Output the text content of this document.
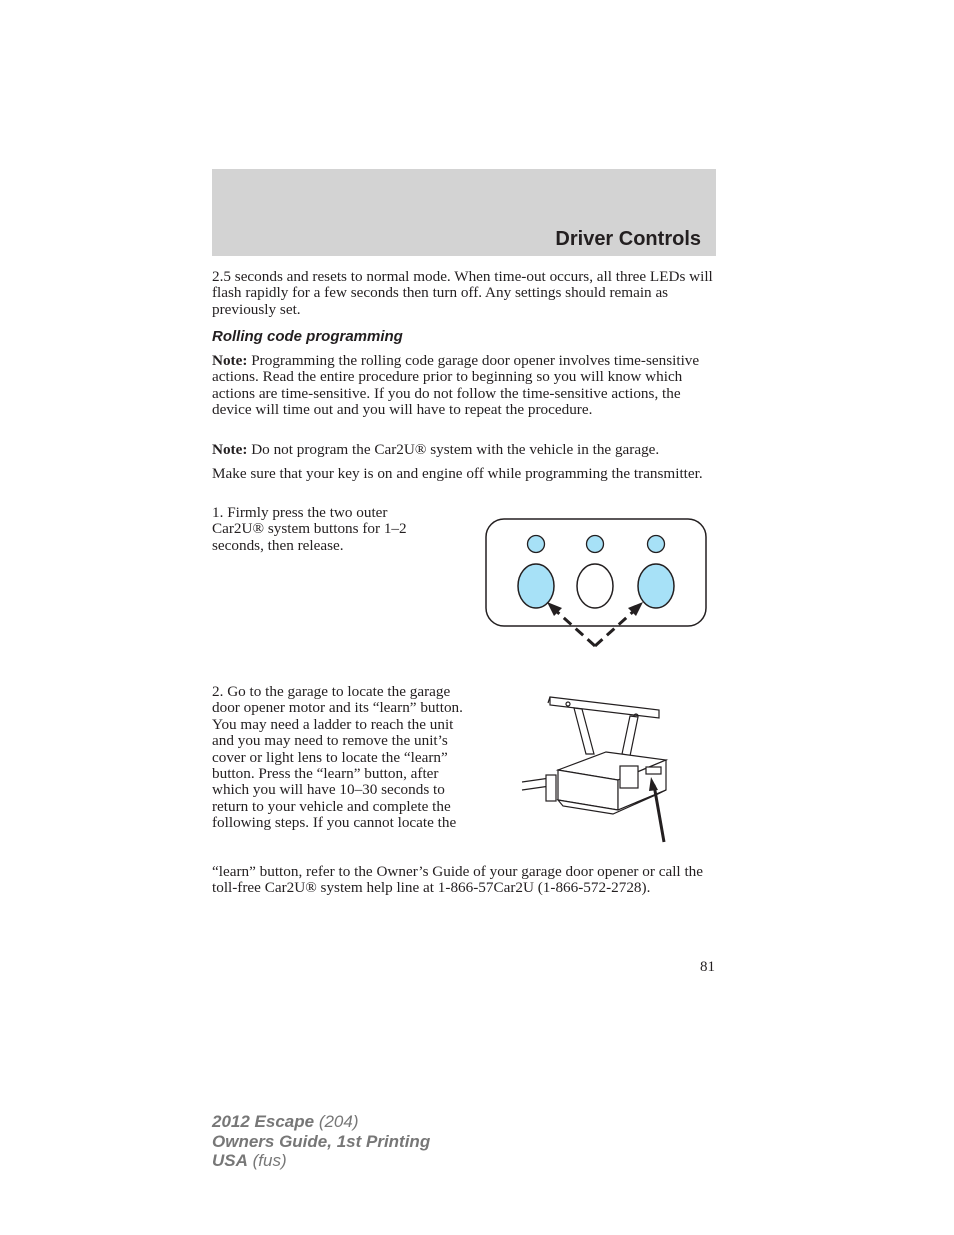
Driver Controls

2.5 seconds and resets to normal mode. When time-out occurs, all three LEDs will flash rapidly for a few seconds then turn off. Any settings should remain as previously set.

Rolling code programming

Note: Programming the rolling code garage door opener involves time-sensitive actions. Read the entire procedure prior to beginning so you will know which actions are time-sensitive. If you do not follow the time-sensitive actions, the device will time out and you will have to repeat the procedure.

Note: Do not program the Car2U® system with the vehicle in the garage.

Make sure that your key is on and engine off while programming the transmitter.

1. Firmly press the two outer Car2U® system buttons for 1–2 seconds, then release.

2. Go to the garage to locate the garage door opener motor and its “learn” button. You may need a ladder to reach the unit and you may need to remove the unit’s cover or light lens to locate the “learn” button. Press the “learn” button, after which you will have 10–30 seconds to return to your vehicle and complete the following steps. If you cannot locate the

“learn” button, refer to the Owner’s Guide of your garage door opener or call the toll-free Car2U® system help line at 1-866-57Car2U (1-866-572-2728).

81
2012 Escape (204)
Owners Guide, 1st Printing
USA (fus)
